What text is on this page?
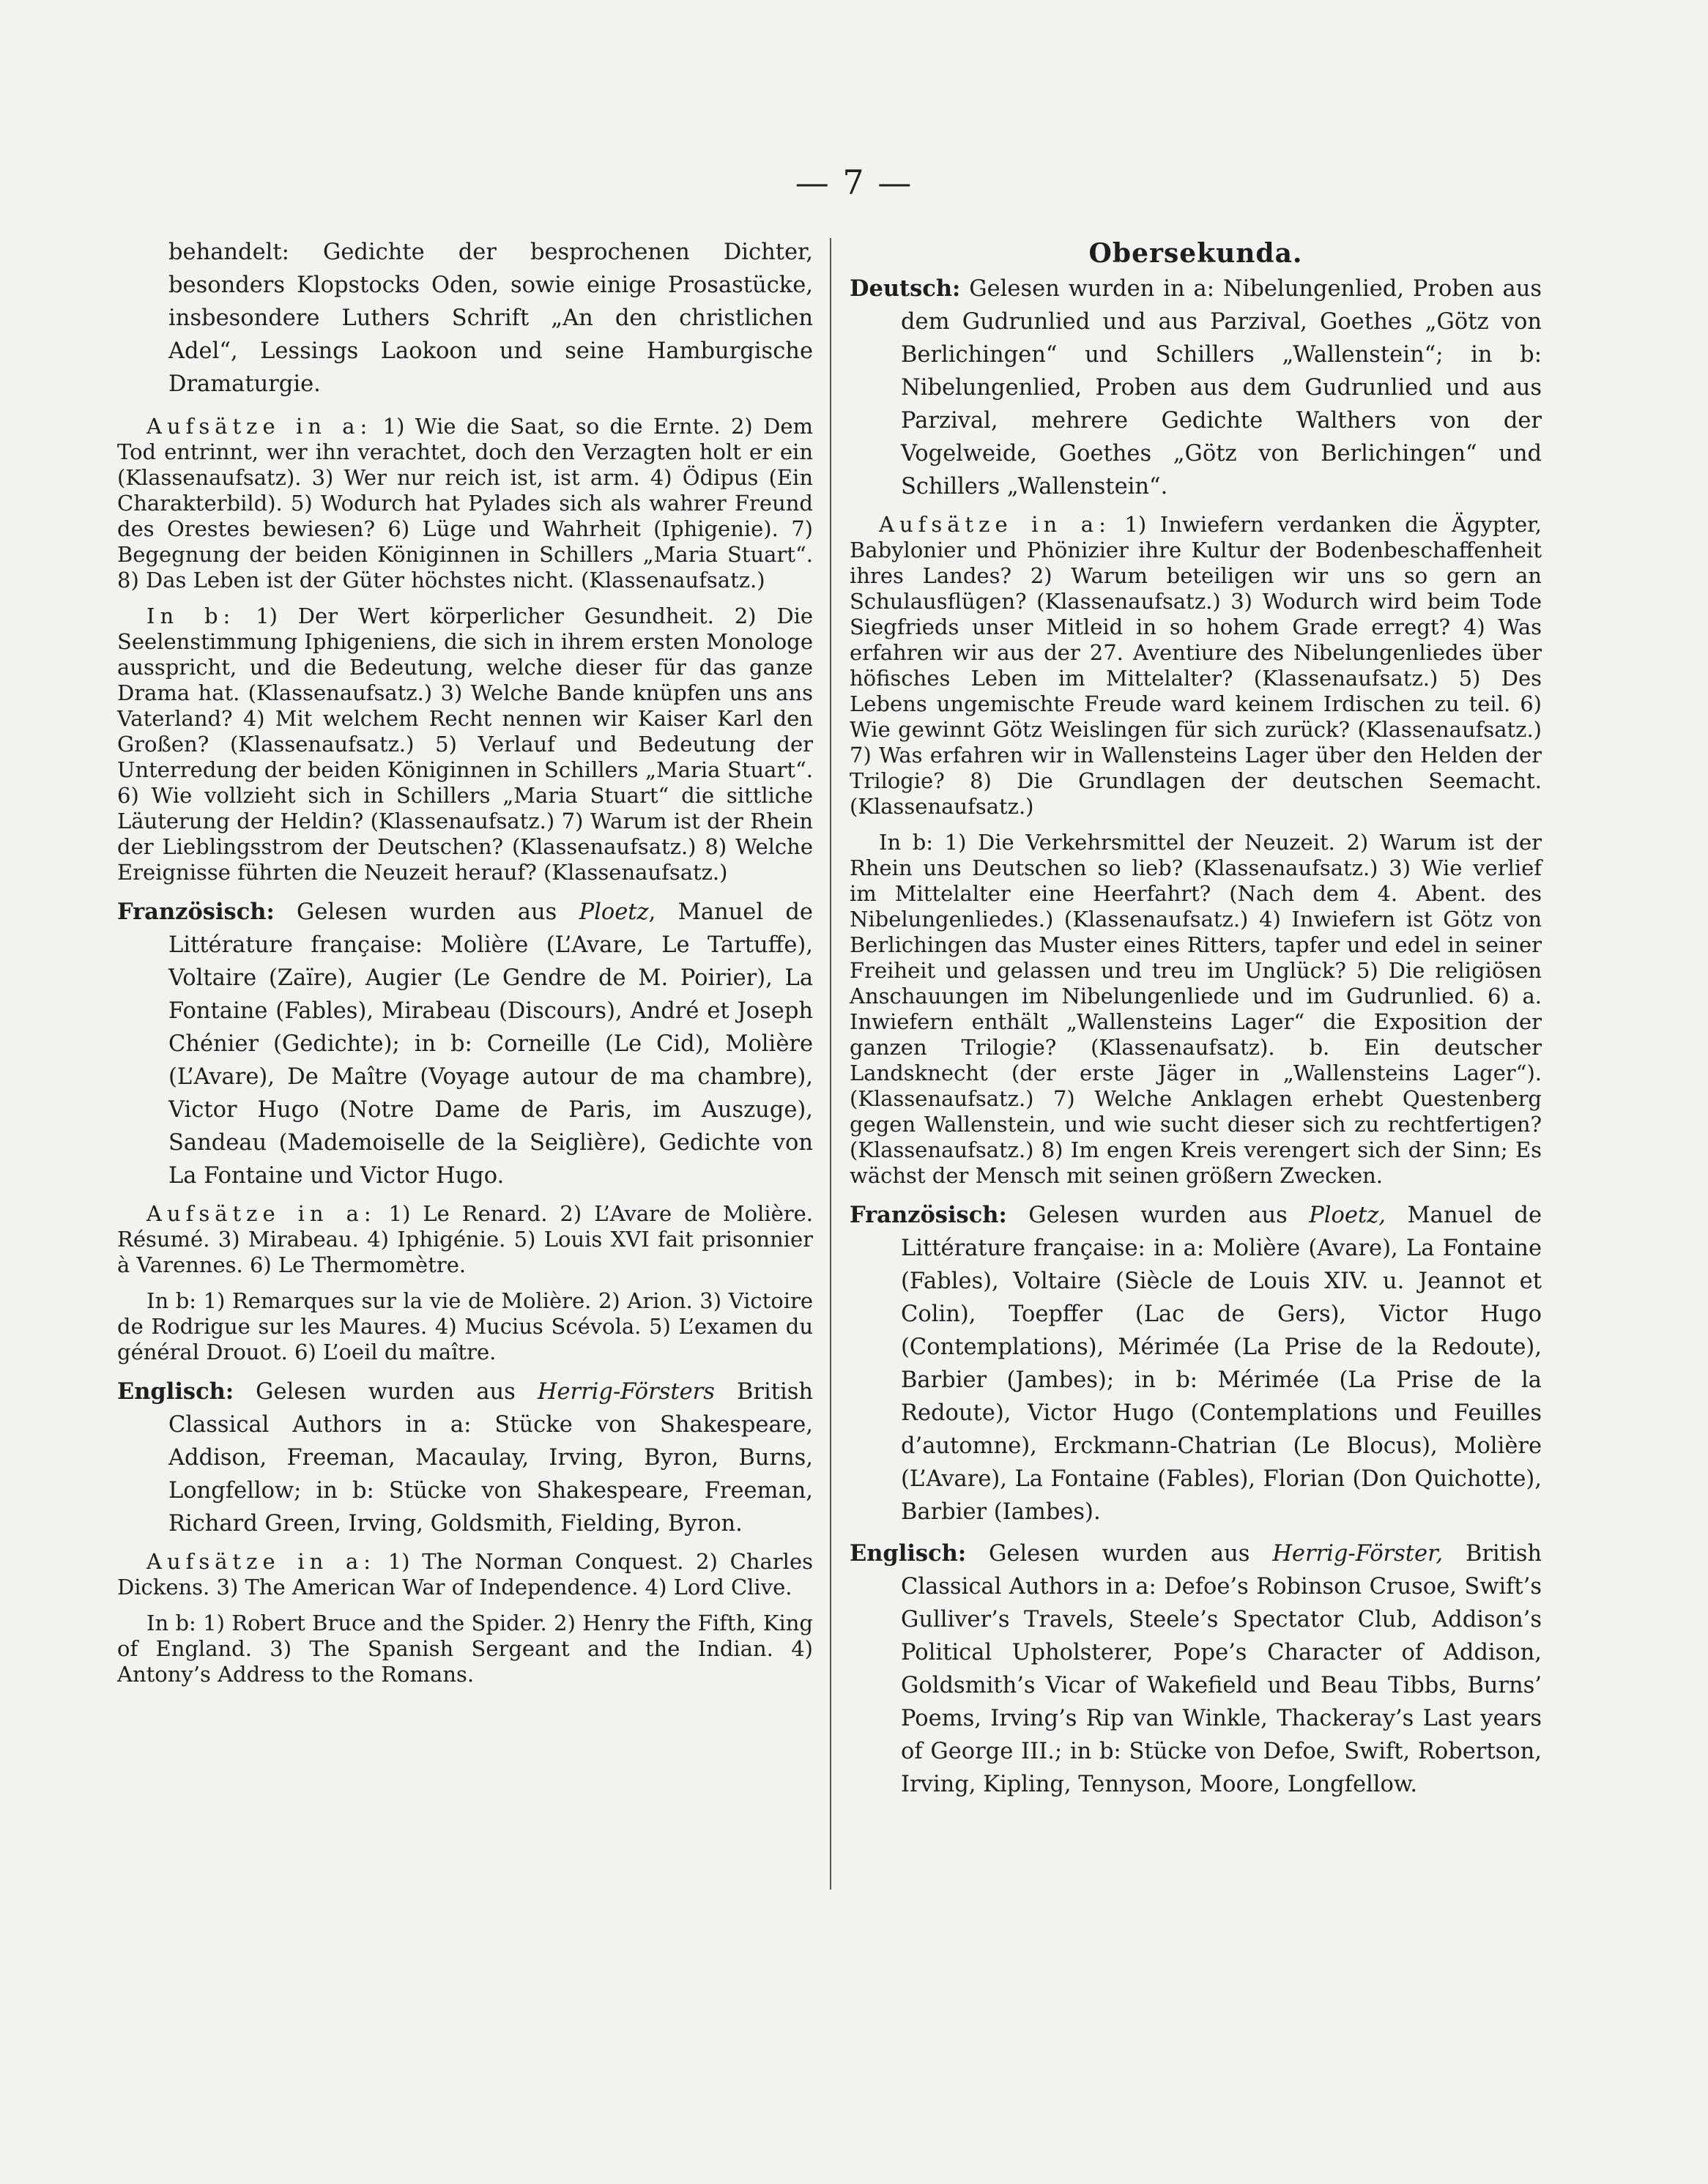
— 7 —

behandelt: Gedichte der besprochenen Dichter, besonders Klopstocks Oden, sowie einige Prosastücke, insbesondere Luthers Schrift „An den christlichen Adel“, Lessings Laokoon und seine Hamburgische Dramaturgie.

Aufsätze in a: 1) Wie die Saat, so die Ernte. 2) Dem Tod entrinnt, wer ihn verachtet, doch den Verzagten holt er ein (Klassenaufsatz). 3) Wer nur reich ist, ist arm. 4) Ödipus (Ein Charakterbild). 5) Wodurch hat Pylades sich als wahrer Freund des Orestes bewiesen? 6) Lüge und Wahrheit (Iphigenie). 7) Begegnung der beiden Königinnen in Schillers „Maria Stuart“. 8) Das Leben ist der Güter höchstes nicht. (Klassenaufsatz.)

In b: 1) Der Wert körperlicher Gesundheit. 2) Die Seelenstimmung Iphigeniens, die sich in ihrem ersten Monologe ausspricht, und die Bedeutung, welche dieser für das ganze Drama hat. (Klassenaufsatz.) 3) Welche Bande knüpfen uns ans Vaterland? 4) Mit welchem Recht nennen wir Kaiser Karl den Großen? (Klassenaufsatz.) 5) Verlauf und Bedeutung der Unterredung der beiden Königinnen in Schillers „Maria Stuart“. 6) Wie vollzieht sich in Schillers „Maria Stuart“ die sittliche Läuterung der Heldin? (Klassenaufsatz.) 7) Warum ist der Rhein der Lieblingsstrom der Deutschen? (Klassenaufsatz.) 8) Welche Ereignisse führten die Neuzeit herauf? (Klassenaufsatz.)

Französisch: Gelesen wurden aus Ploetz, Manuel de Littérature française: Molière (L’Avare, Le Tartuffe), Voltaire (Zaïre), Augier (Le Gendre de M. Poirier), La Fontaine (Fables), Mirabeau (Discours), André et Joseph Chénier (Gedichte); in b: Corneille (Le Cid), Molière (L’Avare), De Maître (Voyage autour de ma chambre), Victor Hugo (Notre Dame de Paris, im Auszuge), Sandeau (Mademoiselle de la Seiglière), Gedichte von La Fontaine und Victor Hugo.

Aufsätze in a: 1) Le Renard. 2) L’Avare de Molière. Résumé. 3) Mirabeau. 4) Iphigénie. 5) Louis XVI fait prisonnier à Varennes. 6) Le Thermomètre.

In b: 1) Remarques sur la vie de Molière. 2) Arion. 3) Victoire de Rodrigue sur les Maures. 4) Mucius Scévola. 5) L’examen du général Drouot. 6) L’oeil du maître.

Englisch: Gelesen wurden aus Herrig-Försters British Classical Authors in a: Stücke von Shakespeare, Addison, Freeman, Macaulay, Irving, Byron, Burns, Longfellow; in b: Stücke von Shakespeare, Freeman, Richard Green, Irving, Goldsmith, Fielding, Byron.

Aufsätze in a: 1) The Norman Conquest. 2) Charles Dickens. 3) The American War of Independence. 4) Lord Clive.

In b: 1) Robert Bruce and the Spider. 2) Henry the Fifth, King of England. 3) The Spanish Sergeant and the Indian. 4) Antony’s Address to the Romans.

Obersekunda.

Deutsch: Gelesen wurden in a: Nibelungenlied, Proben aus dem Gudrunlied und aus Parzival, Goethes „Götz von Berlichingen“ und Schillers „Wallenstein“; in b: Nibelungenlied, Proben aus dem Gudrunlied und aus Parzival, mehrere Gedichte Walthers von der Vogelweide, Goethes „Götz von Berlichingen“ und Schillers „Wallenstein“.

Aufsätze in a: 1) Inwiefern verdanken die Ägypter, Babylonier und Phönizier ihre Kultur der Bodenbeschaffenheit ihres Landes? 2) Warum beteiligen wir uns so gern an Schulausflügen? (Klassenaufsatz.) 3) Wodurch wird beim Tode Siegfrieds unser Mitleid in so hohem Grade erregt? 4) Was erfahren wir aus der 27. Aventiure des Nibelungenliedes über höfisches Leben im Mittelalter? (Klassenaufsatz.) 5) Des Lebens ungemischte Freude ward keinem Irdischen zu teil. 6) Wie gewinnt Götz Weislingen für sich zurück? (Klassenaufsatz.) 7) Was erfahren wir in Wallensteins Lager über den Helden der Trilogie? 8) Die Grundlagen der deutschen Seemacht. (Klassenaufsatz.)

In b: 1) Die Verkehrsmittel der Neuzeit. 2) Warum ist der Rhein uns Deutschen so lieb? (Klassenaufsatz.) 3) Wie verlief im Mittelalter eine Heerfahrt? (Nach dem 4. Abent. des Nibelungenliedes.) (Klassenaufsatz.) 4) Inwiefern ist Götz von Berlichingen das Muster eines Ritters, tapfer und edel in seiner Freiheit und gelassen und treu im Unglück? 5) Die religiösen Anschauungen im Nibelungenliede und im Gudrunlied. 6) a. Inwiefern enthält „Wallensteins Lager“ die Exposition der ganzen Trilogie? (Klassenaufsatz). b. Ein deutscher Landsknecht (der erste Jäger in „Wallensteins Lager“). (Klassenaufsatz.) 7) Welche Anklagen erhebt Questenberg gegen Wallenstein, und wie sucht dieser sich zu rechtfertigen? (Klassenaufsatz.) 8) Im engen Kreis verengert sich der Sinn; Es wächst der Mensch mit seinen größern Zwecken.

Französisch: Gelesen wurden aus Ploetz, Manuel de Littérature française: in a: Molière (Avare), La Fontaine (Fables), Voltaire (Siècle de Louis XIV. u. Jeannot et Colin), Toepffer (Lac de Gers), Victor Hugo (Contemplations), Mérimée (La Prise de la Redoute), Barbier (Jambes); in b: Mérimée (La Prise de la Redoute), Victor Hugo (Contemplations und Feuilles d’automne), Erckmann-Chatrian (Le Blocus), Molière (L’Avare), La Fontaine (Fables), Florian (Don Quichotte), Barbier (Iambes).

Englisch: Gelesen wurden aus Herrig-Förster, British Classical Authors in a: Defoe’s Robinson Crusoe, Swift’s Gulliver’s Travels, Steele’s Spectator Club, Addison’s Political Upholsterer, Pope’s Character of Addison, Goldsmith’s Vicar of Wakefield und Beau Tibbs, Burns’ Poems, Irving’s Rip van Winkle, Thackeray’s Last years of George III.; in b: Stücke von Defoe, Swift, Robertson, Irving, Kipling, Tennyson, Moore, Longfellow.
